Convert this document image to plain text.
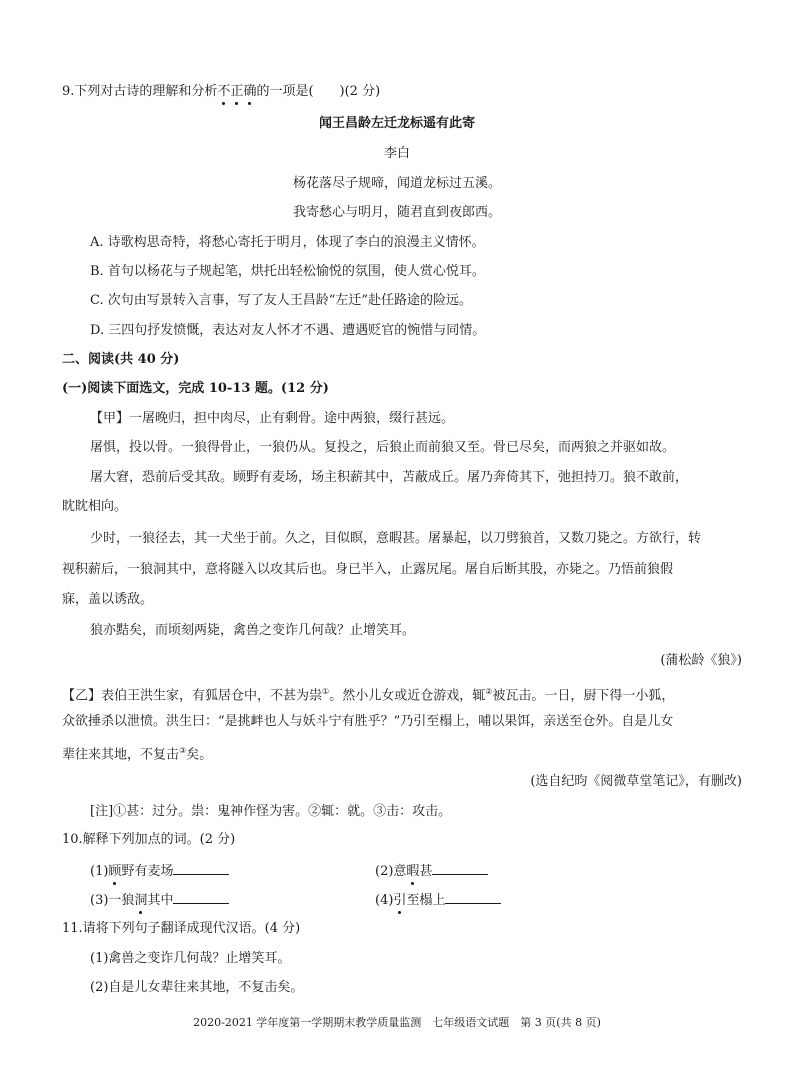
9.下列对古诗的理解和分析不正确的一项是(　　)(2 分)
闻王昌龄左迁龙标遥有此寄
李白
杨花落尽子规啼，闻道龙标过五溪。
我寄愁心与明月，随君直到夜郎西。
A. 诗歌构思奇特，将愁心寄托于明月，体现了李白的浪漫主义情怀。
B. 首句以杨花与子规起笔，烘托出轻松愉悦的氛围，使人赏心悦耳。
C. 次句由写景转入言事，写了友人王昌龄“左迁”赴任路途的险远。
D. 三四句抒发愤慨，表达对友人怀才不遇、遭遇贬官的惋惜与同情。
二、阅读(共 40 分)
(一)阅读下面选文，完成 10-13 题。(12 分)
【甲】一屠晚归，担中肉尽，止有剩骨。途中两狼，缀行甚远。
屠惧，投以骨。一狼得骨止，一狼仍从。复投之，后狼止而前狼又至。骨已尽矣，而两狼之并驱如故。
屠大窘，恐前后受其敌。顾野有麦场，场主积薪其中，苫蔽成丘。屠乃奔倚其下，弛担持刀。狼不敢前，
眈眈相向。
少时，一狼径去，其一犬坐于前。久之，目似瞑，意暇甚。屠暴起，以刀劈狼首，又数刀毙之。方欲行，转
视积薪后，一狼洞其中，意将隧入以攻其后也。身已半入，止露尻尾。屠自后断其股，亦毙之。乃悟前狼假
寐，盖以诱敌。
狼亦黠矣，而顷刻两毙，禽兽之变诈几何哉？止增笑耳。
(蒲松龄《狼》)
【乙】表伯王洪生家，有狐居仓中，不甚为祟①。然小儿女或近仓游戏，辄②被瓦击。一日，厨下得一小狐，
众欲捶杀以泄愤。洪生曰：“是挑衅也人与妖斗宁有胜乎？”乃引至榻上，哺以果饵，亲送至仓外。自是儿女
辈往来其地，不复击③矣。
(选自纪昀《阅微草堂笔记》，有删改)
[注]①甚：过分。祟：鬼神作怪为害。②辄：就。③击：攻击。
10.解释下列加点的词。(2 分)
(1)顾野有麦场	(2)意暇甚
(3)一狼洞其中	(4)引至榻上
11.请将下列句子翻译成现代汉语。(4 分)
(1)禽兽之变诈几何哉？止增笑耳。
(2)自是儿女辈往来其地，不复击矣。
2020-2021 学年度第一学期期末教学质量监测　七年级语文试题　第 3 页(共 8 页)
